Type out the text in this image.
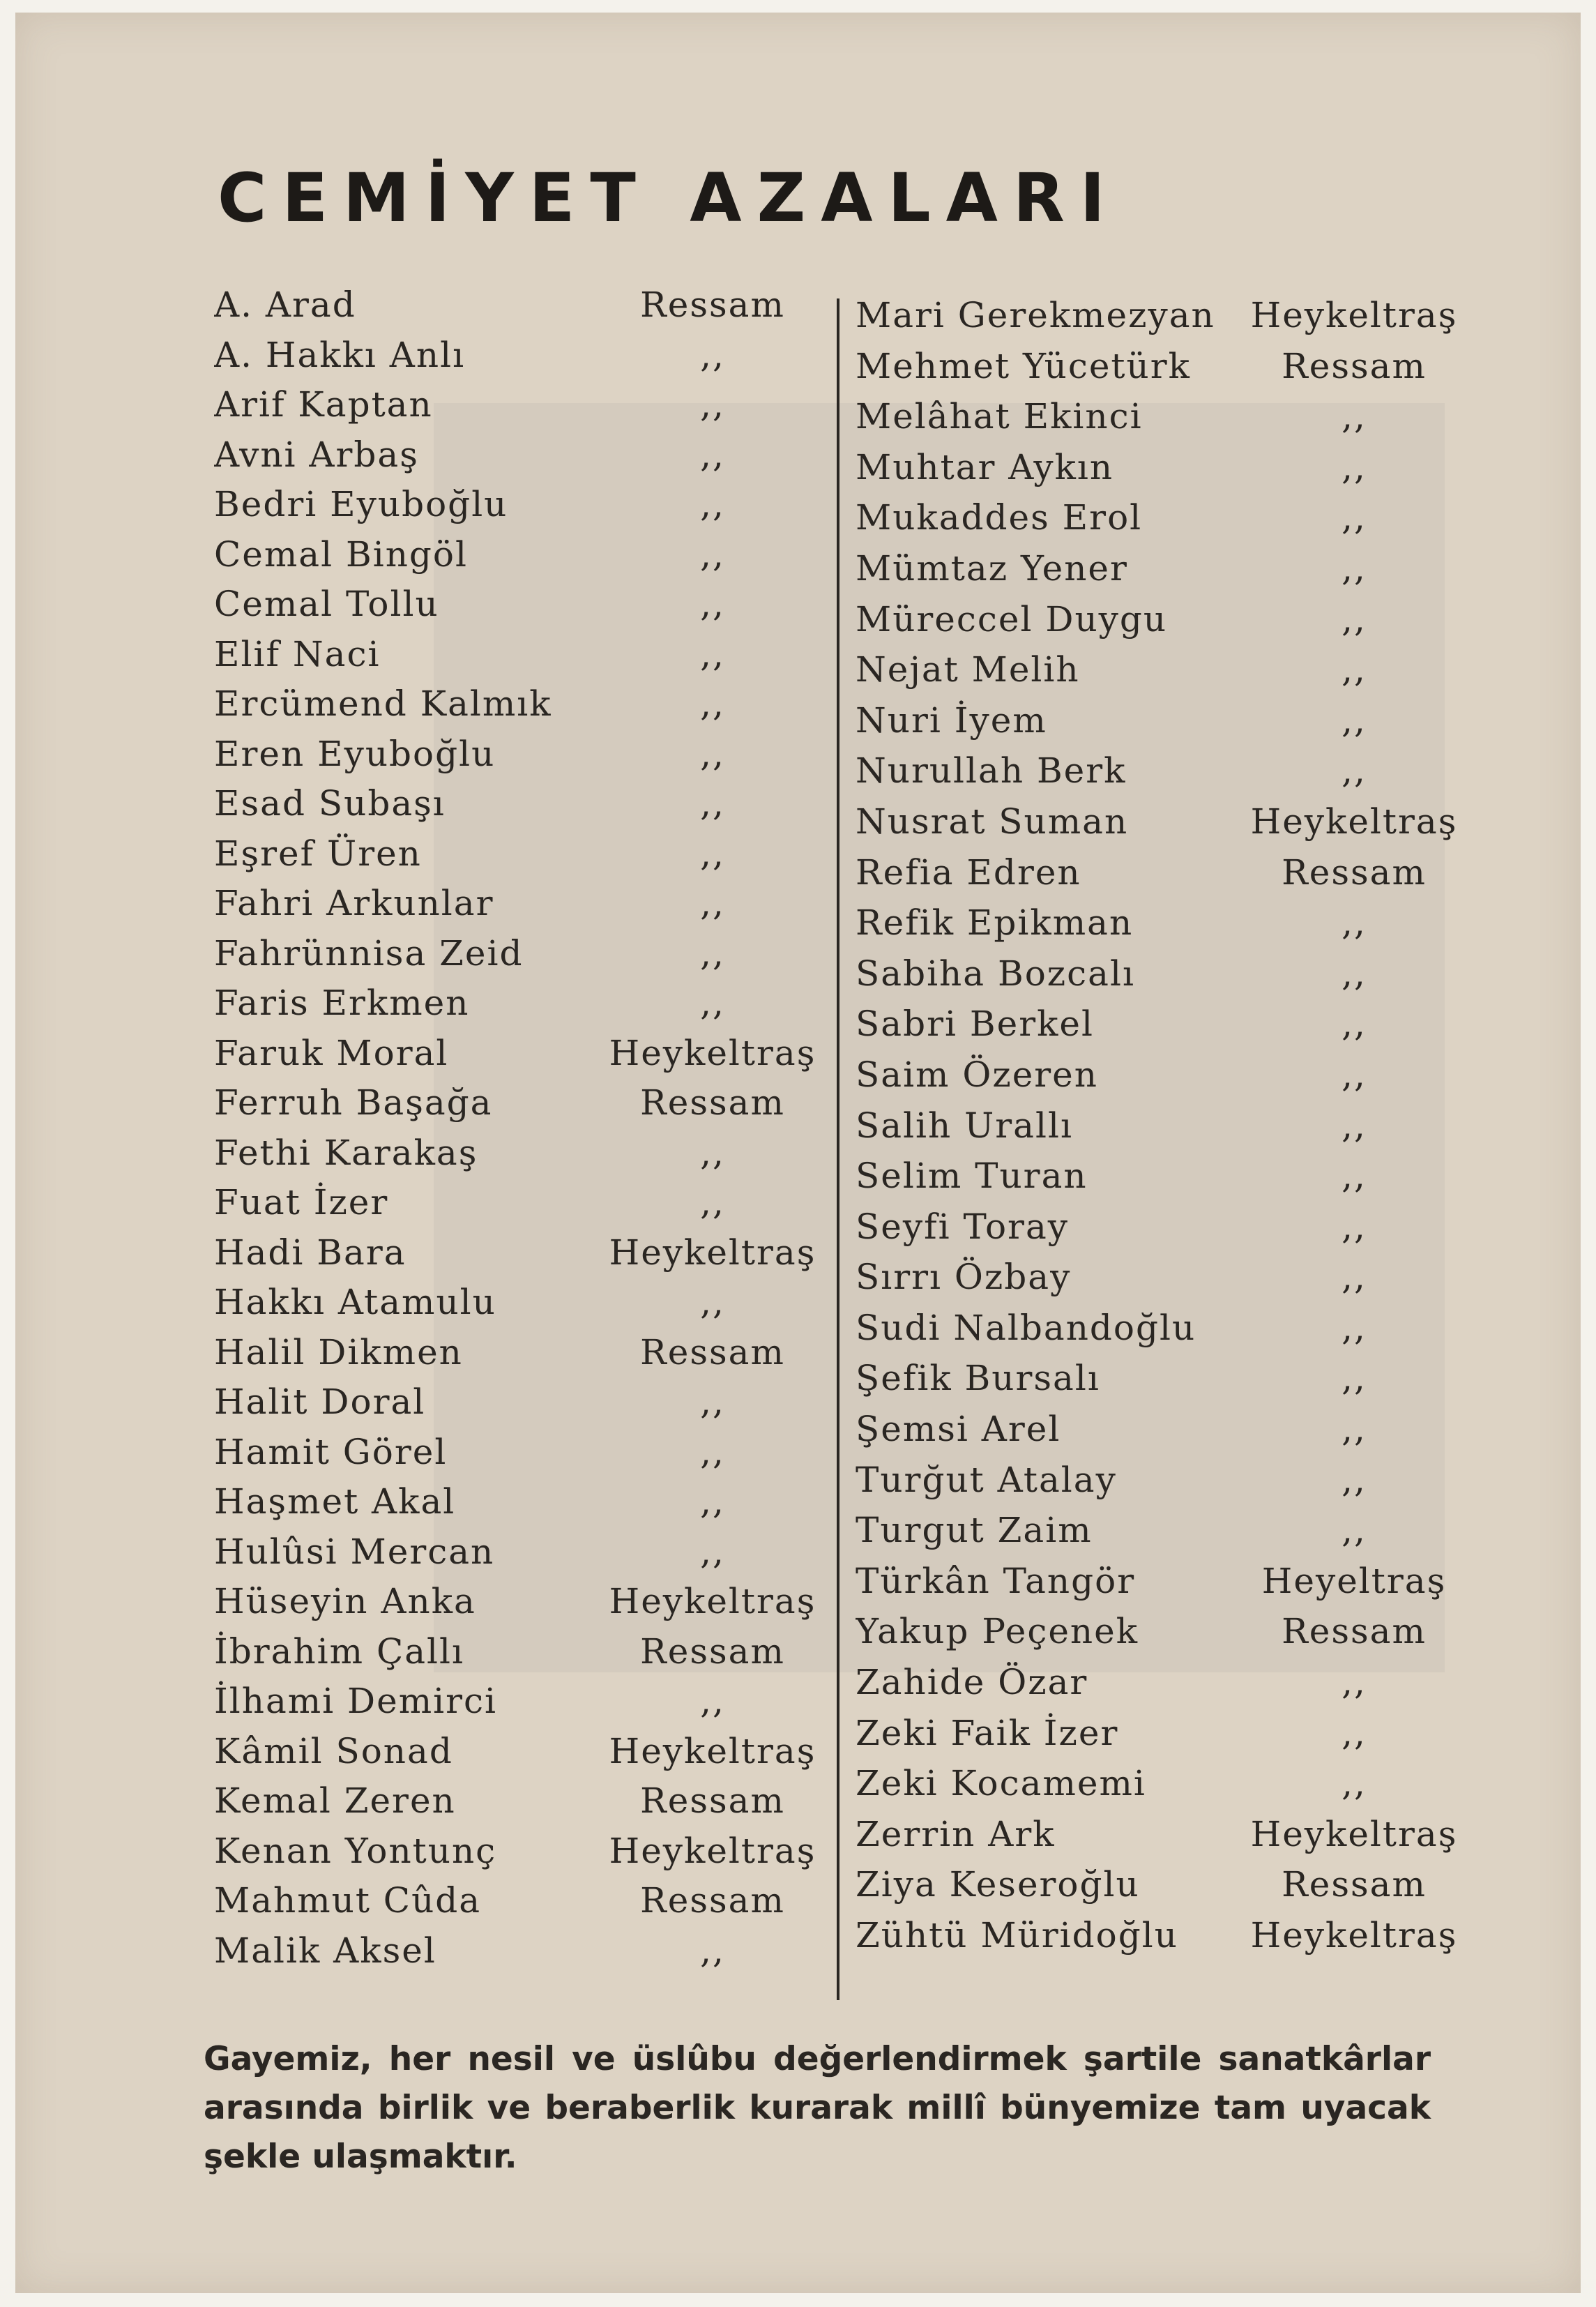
CEMİYET AZALARI
A. Arad	Ressam
A. Hakkı Anlı	,,
Arif Kaptan	,,
Avni Arbaş	,,
Bedri Eyuboğlu	,,
Cemal Bingöl	,,
Cemal Tollu	,,
Elif Naci	,,
Ercümend Kalmık	,,
Eren Eyuboğlu	,,
Esad Subaşı	,,
Eşref Üren	,,
Fahri Arkunlar	,,
Fahrünnisa Zeid	,,
Faris Erkmen	,,
Faruk Moral	Heykeltraş
Ferruh Başağa	Ressam
Fethi Karakaş	,,
Fuat İzer	,,
Hadi Bara	Heykeltraş
Hakkı Atamulu	,,
Halil Dikmen	Ressam
Halit Doral	,,
Hamit Görel	,,
Haşmet Akal	,,
Hulûsi Mercan	,,
Hüseyin Anka	Heykeltraş
İbrahim Çallı	Ressam
İlhami Demirci	,,
Kâmil Sonad	Heykeltraş
Kemal Zeren	Ressam
Kenan Yontunç	Heykeltraş
Mahmut Cûda	Ressam
Malik Aksel	,,
Mari Gerekmezyan	Heykeltraş
Mehmet Yücetürk	Ressam
Melâhat Ekinci	,,
Muhtar Aykın	,,
Mukaddes Erol	,,
Mümtaz Yener	,,
Müreccel Duygu	,,
Nejat Melih	,,
Nuri İyem	,,
Nurullah Berk	,,
Nusrat Suman	Heykeltraş
Refia Edren	Ressam
Refik Epikman	,,
Sabiha Bozcalı	,,
Sabri Berkel	,,
Saim Özeren	,,
Salih Urallı	,,
Selim Turan	,,
Seyfi Toray	,,
Sırrı Özbay	,,
Sudi Nalbandoğlu	,,
Şefik Bursalı	,,
Şemsi Arel	,,
Turğut Atalay	,,
Turgut Zaim	,,
Türkân Tangör	Heyeltraş
Yakup Peçenek	Ressam
Zahide Özar	,,
Zeki Faik İzer	,,
Zeki Kocamemi	,,
Zerrin Ark	Heykeltraş
Ziya Keseroğlu	Ressam
Zühtü Müridoğlu	Heykeltraş

Gayemiz, her nesil ve üslûbu değerlendirmek şartile sanatkârlar arasında birlik ve beraberlik kurarak millî bünyemize tam uyacak şekle ulaşmaktır.
